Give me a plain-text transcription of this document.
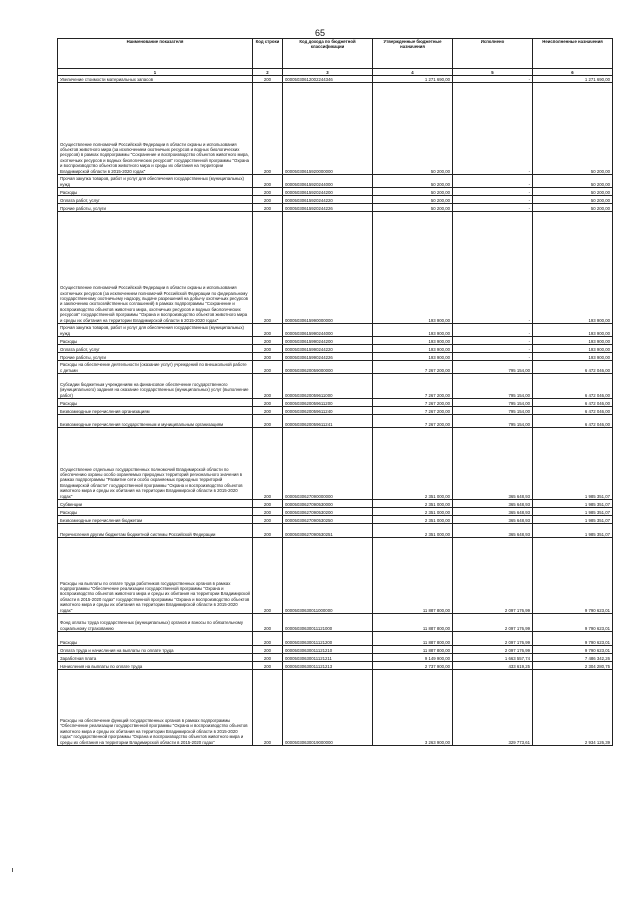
65
Наименование показателя	Код строки	Код дохода по бюджетной классификации	Утвержденные бюджетные назначения	Исполнено	Неисполненные назначения
1	2	3	4	5	6
Увеличение стоимости материальных запасов	200	00005030612002244346	1 271 690,00	-	1 271 690,00
Осуществление полномочий Российской Федерации в области охраны и использования объектов животного мира (за исключением охотничьих ресурсов и водных биологических ресурсов) в рамках подпрограммы "Сохранение и воспроизводство объектов животного мира, охотничьих ресурсов и водных биологических ресурсов" государственной программы "Охрана и воспроизводство объектов животного мира и среды их обитания на территории Владимирской области в 2015-2020 годах"	200	00005030615920000000	50 200,00	-	50 200,00
Прочая закупка товаров, работ и услуг для обеспечения государственных (муниципальных) нужд	200	00005030615920244000	50 200,00	-	50 200,00
Расходы	200	00005030615920244200	50 200,00	-	50 200,00
Оплата работ, услуг	200	00005030615920244220	50 200,00	-	50 200,00
Прочие работы, услуги	200	00005030615920244226	50 200,00	-	50 200,00
Осуществление полномочий Российской Федерации в области охраны и использования охотничьих ресурсов (за исключением полномочий Российской Федерации по федеральному государственному охотничьему надзору, выдаче разрешений на добычу охотничьих ресурсов и заключению охотхозяйственных соглашений) в рамках подпрограммы "Сохранение и воспроизводство объектов животного мира, охотничьих ресурсов и водных биологических ресурсов" государственной программы "Охрана и воспроизводство объектов животного мира и среды их обитания на территории Владимирской области в 2015-2020 годах"	200	00005030615990000000	193 900,00	-	193 900,00
Прочая закупка товаров, работ и услуг для обеспечения государственных (муниципальных) нужд	200	00005030615990244000	193 900,00	-	193 900,00
Расходы	200	00005030615990244200	193 900,00	-	193 900,00
Оплата работ, услуг	200	00005030615990244220	193 900,00	-	193 900,00
Прочие работы, услуги	200	00005030615990244226	193 900,00	-	193 900,00
Расходы на обеспечение деятельности (оказание услуг) учреждений по внешкольной работе с детьми	200	00005030620059000000	7 267 200,00	795 154,00	6 472 046,00
Субсидии бюджетным учреждениям на финансовое обеспечение государственного (муниципального) задания на оказание государственных (муниципальных) услуг (выполнение работ)	200	00005030620059611000	7 267 200,00	795 154,00	6 472 046,00
Расходы	200	00005030620059611200	7 267 200,00	795 154,00	6 472 046,00
Безвозмездные перечисления организациям	200	00005030620059611240	7 267 200,00	795 154,00	6 472 046,00
Безвозмездные перечисления государственным и муниципальным организациям	200	00005030620059611241	7 267 200,00	795 154,00	6 472 046,00
Осуществление отдельных государственных полномочий Владимирской области по обеспечению охраны особо охраняемых природных территорий регионального значения в рамках подпрограммы "Развитие сети особо охраняемых природных территорий Владимирской области" государственной программы "Охрана и воспроизводство объектов животного мира и среды их обитания на территории Владимирской области в 2015-2020 годах"	200	00005030627090000000	2 351 000,00	365 648,93	1 985 351,07
Субвенции	200	00005030627090530000	2 351 000,00	365 648,93	1 985 351,07
Расходы	200	00005030627090530200	2 351 000,00	365 648,93	1 985 351,07
Безвозмездные перечисления бюджетам	200	00005030627090530250	2 351 000,00	365 648,93	1 985 351,07
Перечисления другим бюджетам бюджетной системы Российской Федерации	200	00005030627090530251	2 351 000,00	365 648,93	1 985 351,07
Расходы на выплаты по оплате труда работников государственных органов в рамках подпрограммы "Обеспечение реализации государственной программы "Охрана и воспроизводство объектов животного мира и среды их обитания на территории Владимирской области в 2015-2020 годах" государственной программы "Охрана и воспроизводство объектов животного мира и среды их обитания на территории Владимирской области в 2015-2020 годах"	200	00005030630011000000	11 887 800,00	2 097 176,99	9 790 623,01
Фонд оплаты труда государственных (муниципальных) органов и взносы по обязательному социальному страхованию	200	00005030630011121000	11 887 800,00	2 097 176,99	9 790 623,01
Расходы	200	00005030630011121200	11 887 800,00	2 097 176,99	9 790 623,01
Оплата труда и начисления на выплаты по оплате труда	200	00005030630011121210	11 887 800,00	2 097 176,99	9 790 623,01
Заработная плата	200	00005030630011121211	9 149 900,00	1 663 557,74	7 486 342,26
Начисления на выплаты по оплате труда	200	00005030630011121213	2 737 900,00	433 619,25	2 304 280,75
Расходы на обеспечение функций государственных органов в рамках подпрограммы "Обеспечение реализации государственной программы "Охрана и воспроизводство объектов животного мира и среды их обитания на территории Владимирской области в 2015-2020 годах" государственной программы "Охрана и воспроизводство объектов животного мира и среды их обитания на территории Владимирской области в 2015-2020 годах"	200	00005030630019000000	3 263 900,00	329 773,61	2 934 126,39
